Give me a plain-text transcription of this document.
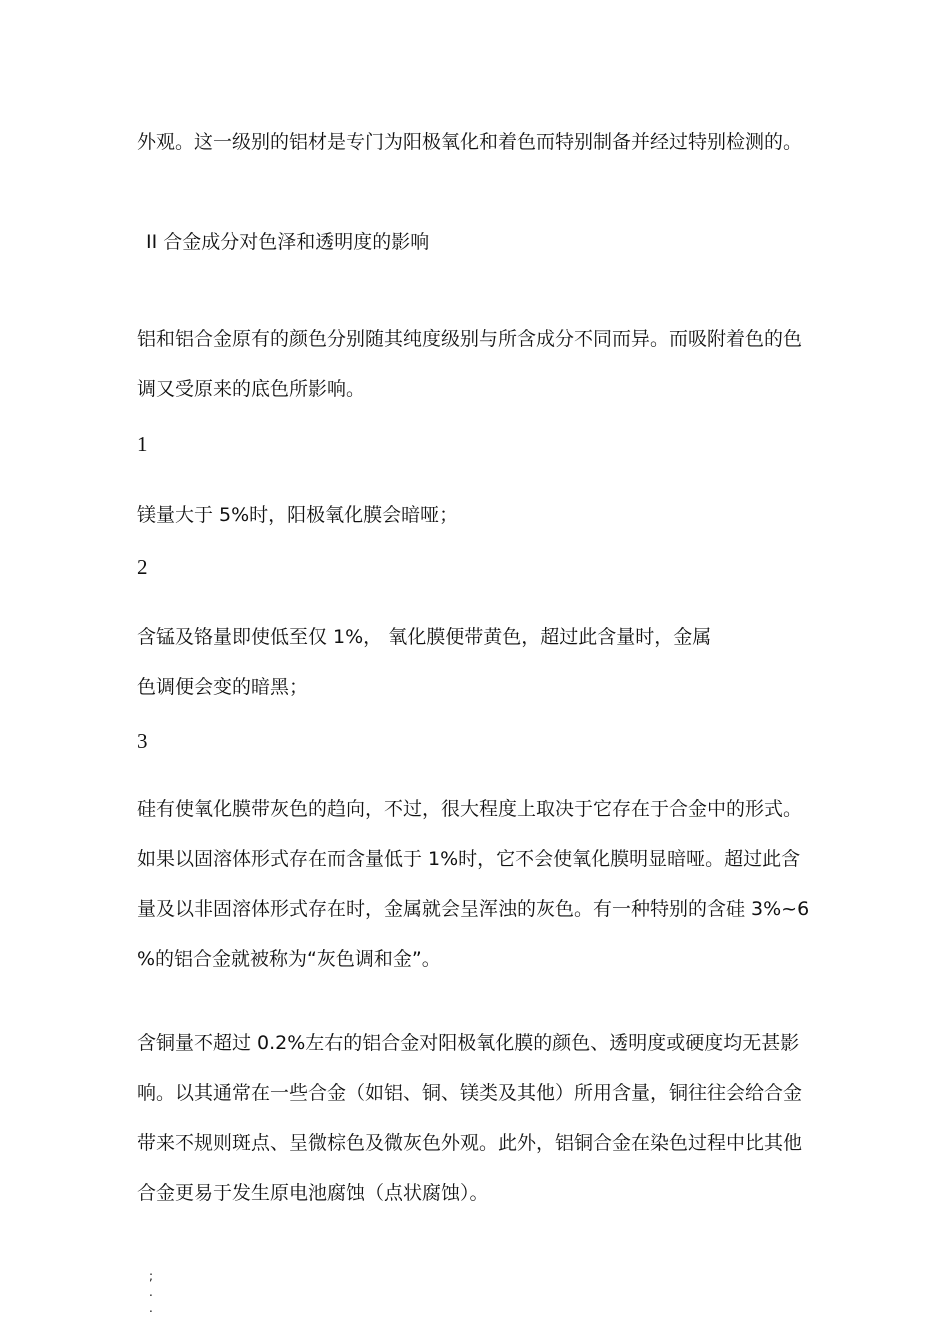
外观。这一级别的铝材是专门为阳极氧化和着色而特别制备并经过特别检测的。
II 合金成分对色泽和透明度的影响
铝和铝合金原有的颜色分别随其纯度级别与所含成分不同而异。而吸附着色的色
调又受原来的底色所影响。
1
镁量大于 5%时，阳极氧化膜会暗哑；
2
含锰及铬量即使低至仅 1%， 氧化膜便带黄色，超过此含量时，金属
色调便会变的暗黑；
3
硅有使氧化膜带灰色的趋向，不过，很大程度上取决于它存在于合金中的形式。
如果以固溶体形式存在而含量低于 1%时，它不会使氧化膜明显暗哑。超过此含
量及以非固溶体形式存在时，金属就会呈浑浊的灰色。有一种特别的含硅 3%~6
%的铝合金就被称为“灰色调和金”。
含铜量不超过 0.2%左右的铝合金对阳极氧化膜的颜色、透明度或硬度均无甚影
响。以其通常在一些合金（如铝、铜、镁类及其他）所用含量，铜往往会给合金
带来不规则斑点、呈微棕色及微灰色外观。此外，铝铜合金在染色过程中比其他
合金更易于发生原电池腐蚀（点状腐蚀）。
;
.
.
